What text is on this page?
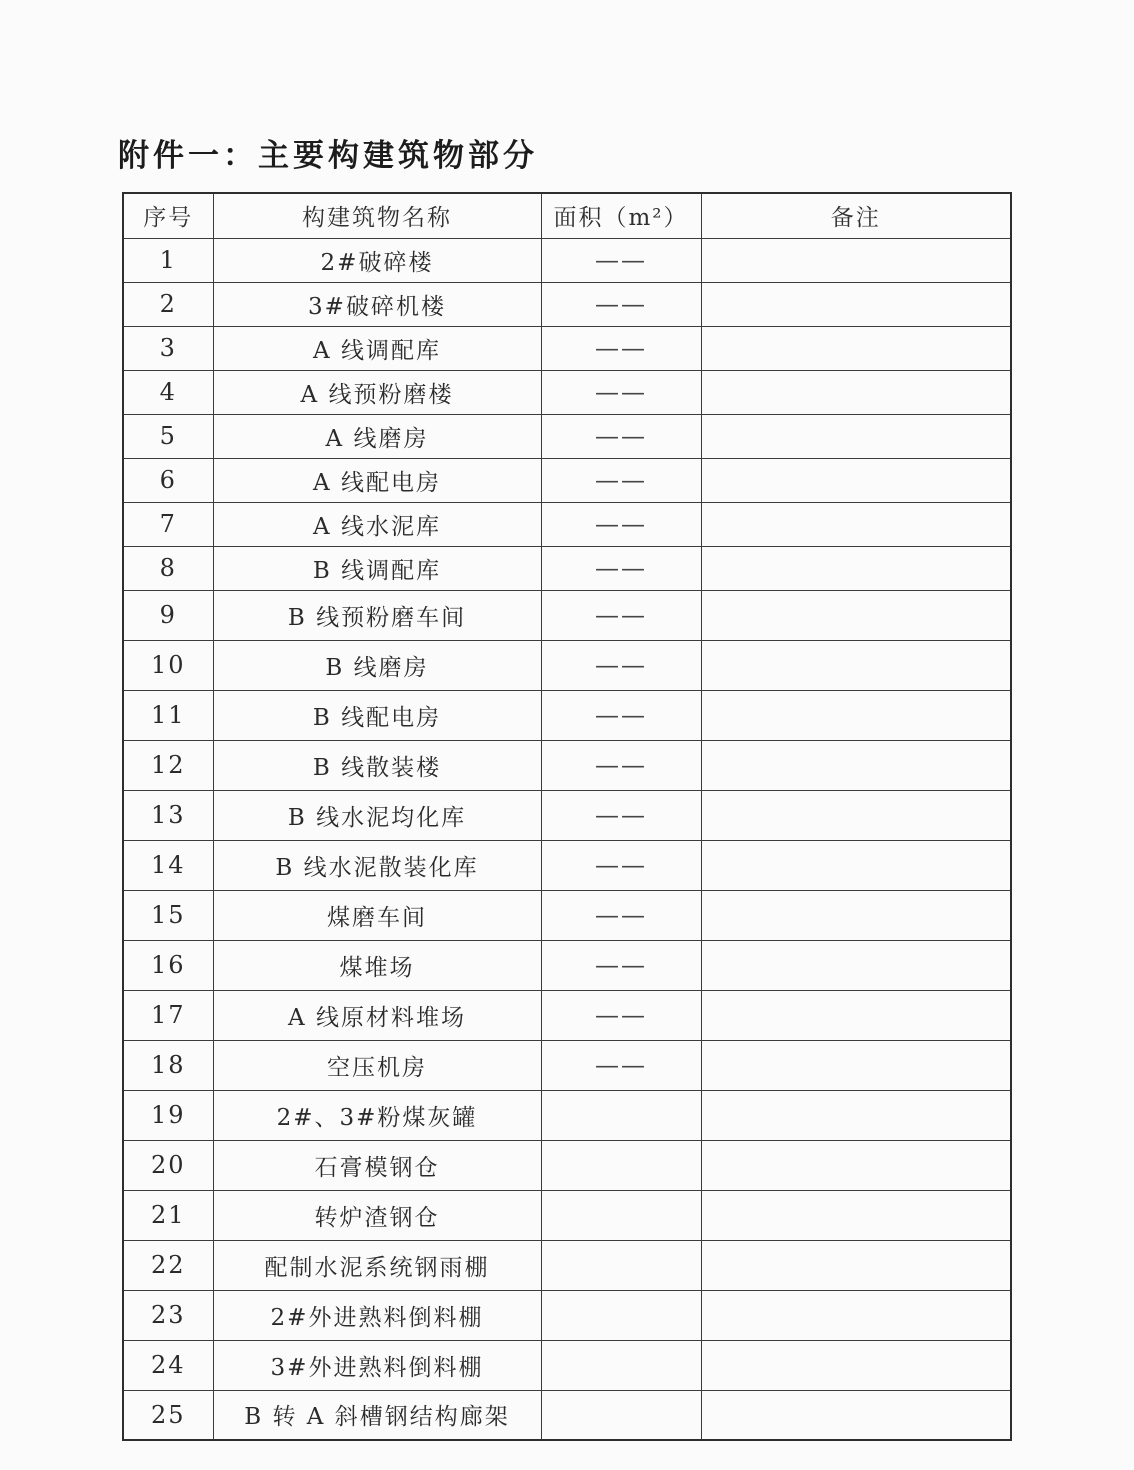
附件一：主要构建筑物部分
序号	构建筑物名称	面积（m²）	备注
1	2#破碎楼	——	
2	3#破碎机楼	——	
3	A 线调配库	——	
4	A 线预粉磨楼	——	
5	A 线磨房	——	
6	A 线配电房	——	
7	A 线水泥库	——	
8	B 线调配库	——	
9	B 线预粉磨车间	——	
10	B 线磨房	——	
11	B 线配电房	——	
12	B 线散装楼	——	
13	B 线水泥均化库	——	
14	B 线水泥散装化库	——	
15	煤磨车间	——	
16	煤堆场	——	
17	A 线原材料堆场	——	
18	空压机房	——	
19	2#、3#粉煤灰罐		
20	石膏模钢仓		
21	转炉渣钢仓		
22	配制水泥系统钢雨棚		
23	2#外进熟料倒料棚		
24	3#外进熟料倒料棚		
25	B 转 A 斜槽钢结构廊架		
